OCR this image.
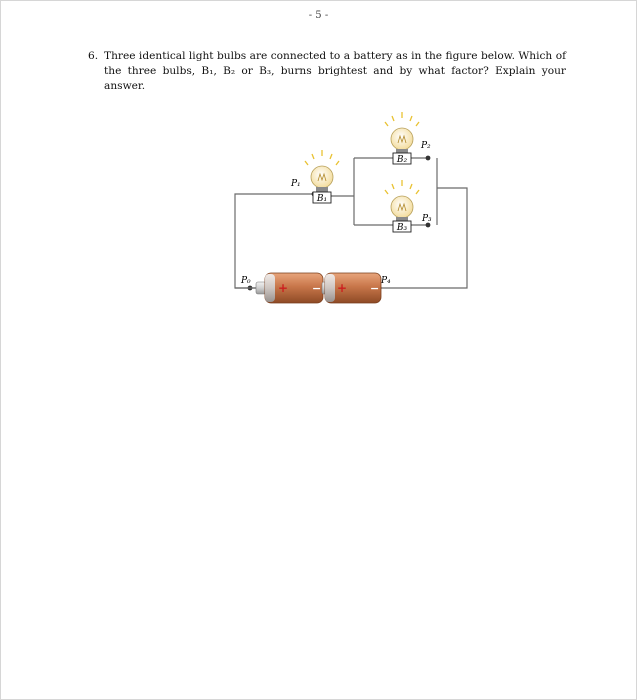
- 5 -
6. Three identical light bulbs are connected to a battery as in the figure below. Which of the three bulbs, B₁, B₂ or B₃, burns brightest and by what factor? Explain your answer.
B₁
B₂
B₃
P₁
P₂
P₃
P₀	P₄
+ − + −
